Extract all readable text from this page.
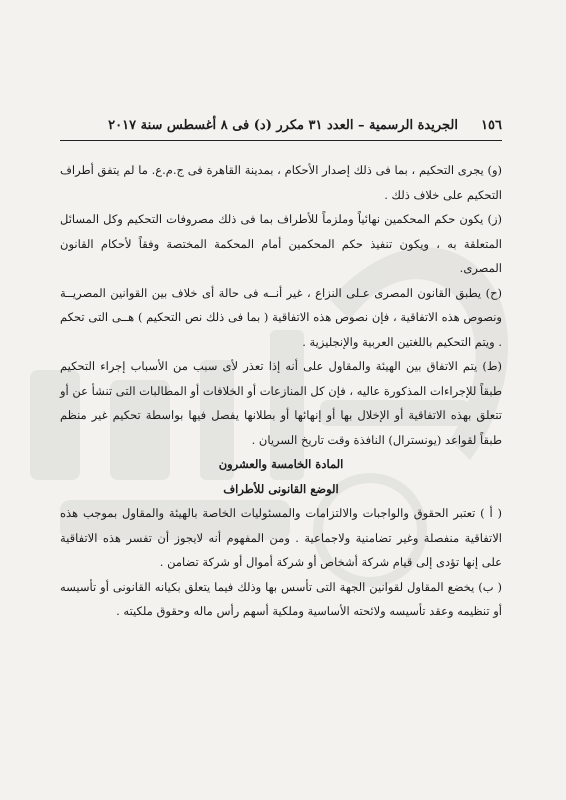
١٥٦  الجريدة الرسمية – العدد ٣١ مكرر (د) فى ٨ أغسطس سنة ٢٠١٧

(و) يجرى التحكيم ، بما فى ذلك إصدار الأحكام ، بمدينة القاهرة فى ج.م.ع. ما لم يتفق أطراف التحكيم على خلاف ذلك .

(ز) يكون حكم المحكمين نهائياً وملزماً للأطراف بما فى ذلك مصروفات التحكيم وكل المسائل المتعلقة به ، ويكون تنفيذ حكم المحكمين أمام المحكمة المختصة وفقاً لأحكام القانون المصرى.

(ح) يطبق القانون المصرى عـلى النزاع ، غير أنــه فى حالة أى خلاف بين القوانين المصريــة ونصوص هذه الاتفاقية ، فإن نصوص هذه الاتفاقية ( بما فى ذلك نص التحكيم ) هــى التى تحكم . ويتم التحكيم باللغتين العربية والإنجليزية .

(ط) يتم الاتفاق بين الهيئة والمقاول على أنه إذا تعذر لأى سبب من الأسباب إجراء التحكيم طبقاً للإجراءات المذكورة عاليه ، فإن كل المنازعات أو الخلافات أو المطالبات التى تنشأ عن أو تتعلق بهذه الاتفاقية أو الإخلال بها أو إنهائها أو بطلانها يفصل فيها بواسطة تحكيم غير منظم طبقاً لقواعد (يونسترال) النافذة وقت تاريخ السريان .

المادة الخامسة والعشرون

الوضع القانونى للأطراف

( أ ) تعتبر الحقوق والواجبات والالتزامات والمسئوليات الخاصة بالهيئة والمقاول بموجب هذه الاتفاقية منفصلة وغير تضامنية ولاجماعية . ومن المفهوم أنه لايجوز أن تفسر هذه الاتفاقية على إنها تؤدى إلى قيام شركة أشخاص أو شركة أموال أو شركة تضامن .

( ب) يخضع المقاول لقوانين الجهة التى تأسس بها وذلك فيما يتعلق بكيانه القانونى أو تأسيسه أو تنظيمه وعقد تأسيسه ولائحته الأساسية وملكية أسهم رأس ماله وحقوق ملكيته .
